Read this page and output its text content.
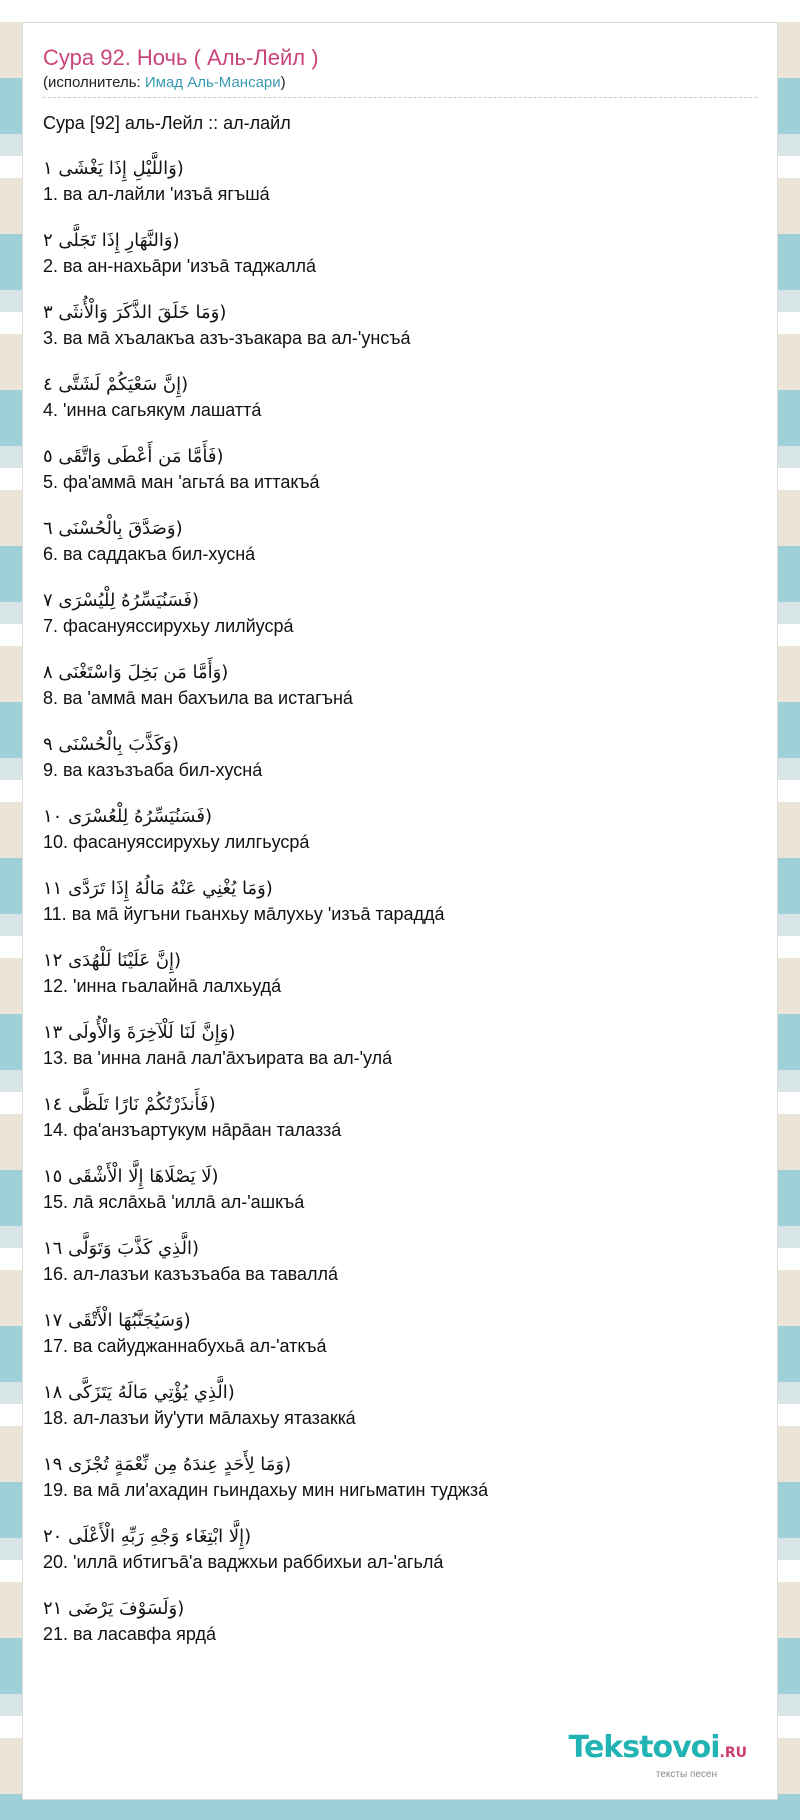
Сура 92. Ночь ( Аль-Лейл )
(исполнитель: Имад Аль-Мансари)
Сура [92] аль-Лейл :: ал-лайл
(وَاللَّيْلِ إِذَا يَغْشَى ١
1. ва ал-лайли 'изъā ягъшá
(وَالنَّهَارِ إِذَا تَجَلَّى ٢
2. ва ан-нахьāри 'изъā таджаллá
(وَمَا خَلَقَ الذَّكَرَ وَالْأُنثَى ٣
3. ва мā хъалакъа азъ-зъакара ва ал-'унсъá
(إِنَّ سَعْيَكُمْ لَشَتَّى ٤
4. 'инна сагьякум лашаттá
(فَأَمَّا مَن أَعْطَى وَاتَّقَى ٥
5. фа'аммā ман 'агьтá ва иттакъá
(وَصَدَّقَ بِالْحُسْنَى ٦
6. ва саддакъа бил-хуснá
(فَسَنُيَسِّرُهُ لِلْيُسْرَى ٧
7. фасануяссирухьу лилйусрá
(وَأَمَّا مَن بَخِلَ وَاسْتَغْنَى ٨
8. ва 'аммā ман бахъила ва истагънá
(وَكَذَّبَ بِالْحُسْنَى ٩
9. ва казъзъаба бил-хуснá
(فَسَنُيَسِّرُهُ لِلْعُسْرَى ١٠
10. фасануяссирухьу лилгьусрá
(وَمَا يُغْنِي عَنْهُ مَالُهُ إِذَا تَرَدَّى ١١
11. ва мā йугъни гьанхьу мāлухьу 'изъā тараддá
(إِنَّ عَلَيْنَا لَلْهُدَى ١٢
12. 'инна гьалайнā лалхьудá
(وَإِنَّ لَنَا لَلْآخِرَةَ وَالْأُولَى ١٣
13. ва 'инна ланā лал'āхъирата ва ал-'улá
(فَأَنذَرْتُكُمْ نَارًا تَلَظَّى ١٤
14. фа'анзъартукум нāрāан талаззá
(لَا يَصْلَاهَا إِلَّا الْأَشْقَى ١٥
15. лā яслāхьā 'иллā ал-'ашкъá
(الَّذِي كَذَّبَ وَتَوَلَّى ١٦
16. ал-лазъи казъзъаба ва таваллá
(وَسَيُجَنَّبُهَا الْأَتْقَى ١٧
17. ва сайуджаннабухьā ал-'аткъá
(الَّذِي يُؤْتِي مَالَهُ يَتَزَكَّى ١٨
18. ал-лазъи йу'ути мāлахьу ятазаккá
(وَمَا لِأَحَدٍ عِندَهُ مِن نِّعْمَةٍ تُجْزَى ١٩
19. ва мā ли'ахадин гьиндахьу мин нигьматин туджзá
(إِلَّا ابْتِغَاء وَجْهِ رَبِّهِ الْأَعْلَى ٢٠
20. 'иллā ибтигъā'а ваджхьи раббихьи ал-'агьлá
(وَلَسَوْفَ يَرْضَى ٢١
21. ва ласавфа ярдá
Tekstovoi.RU
тексты песен
